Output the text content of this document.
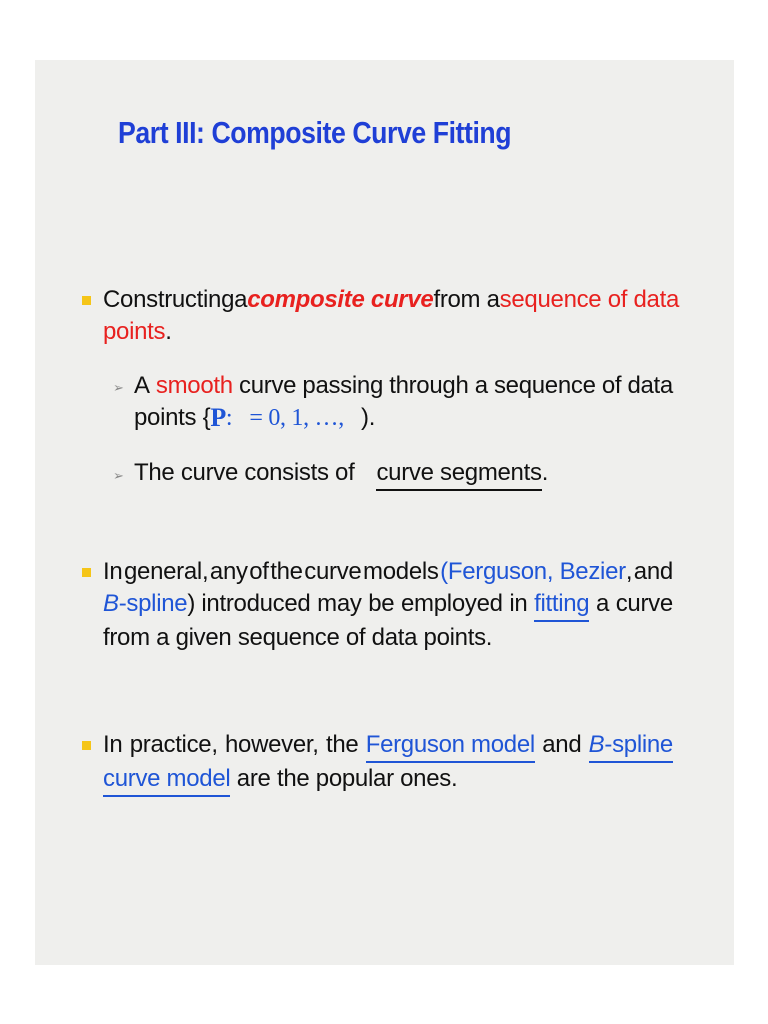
Part III: Composite Curve Fitting
Constructing a composite curve from a sequence of data
points .
➢ A smooth curve passing through a sequence of data
points { P :   = 0, 1, …, ).
➢ The curve consists of curve segments .
In general, any of the curve models (Ferguson, Bezier, and
B-spline) introduced may be employed in fitting a curve
from a given sequence of data points.
In practice, however, the Ferguson model and B-spline
curve model are the popular ones.
